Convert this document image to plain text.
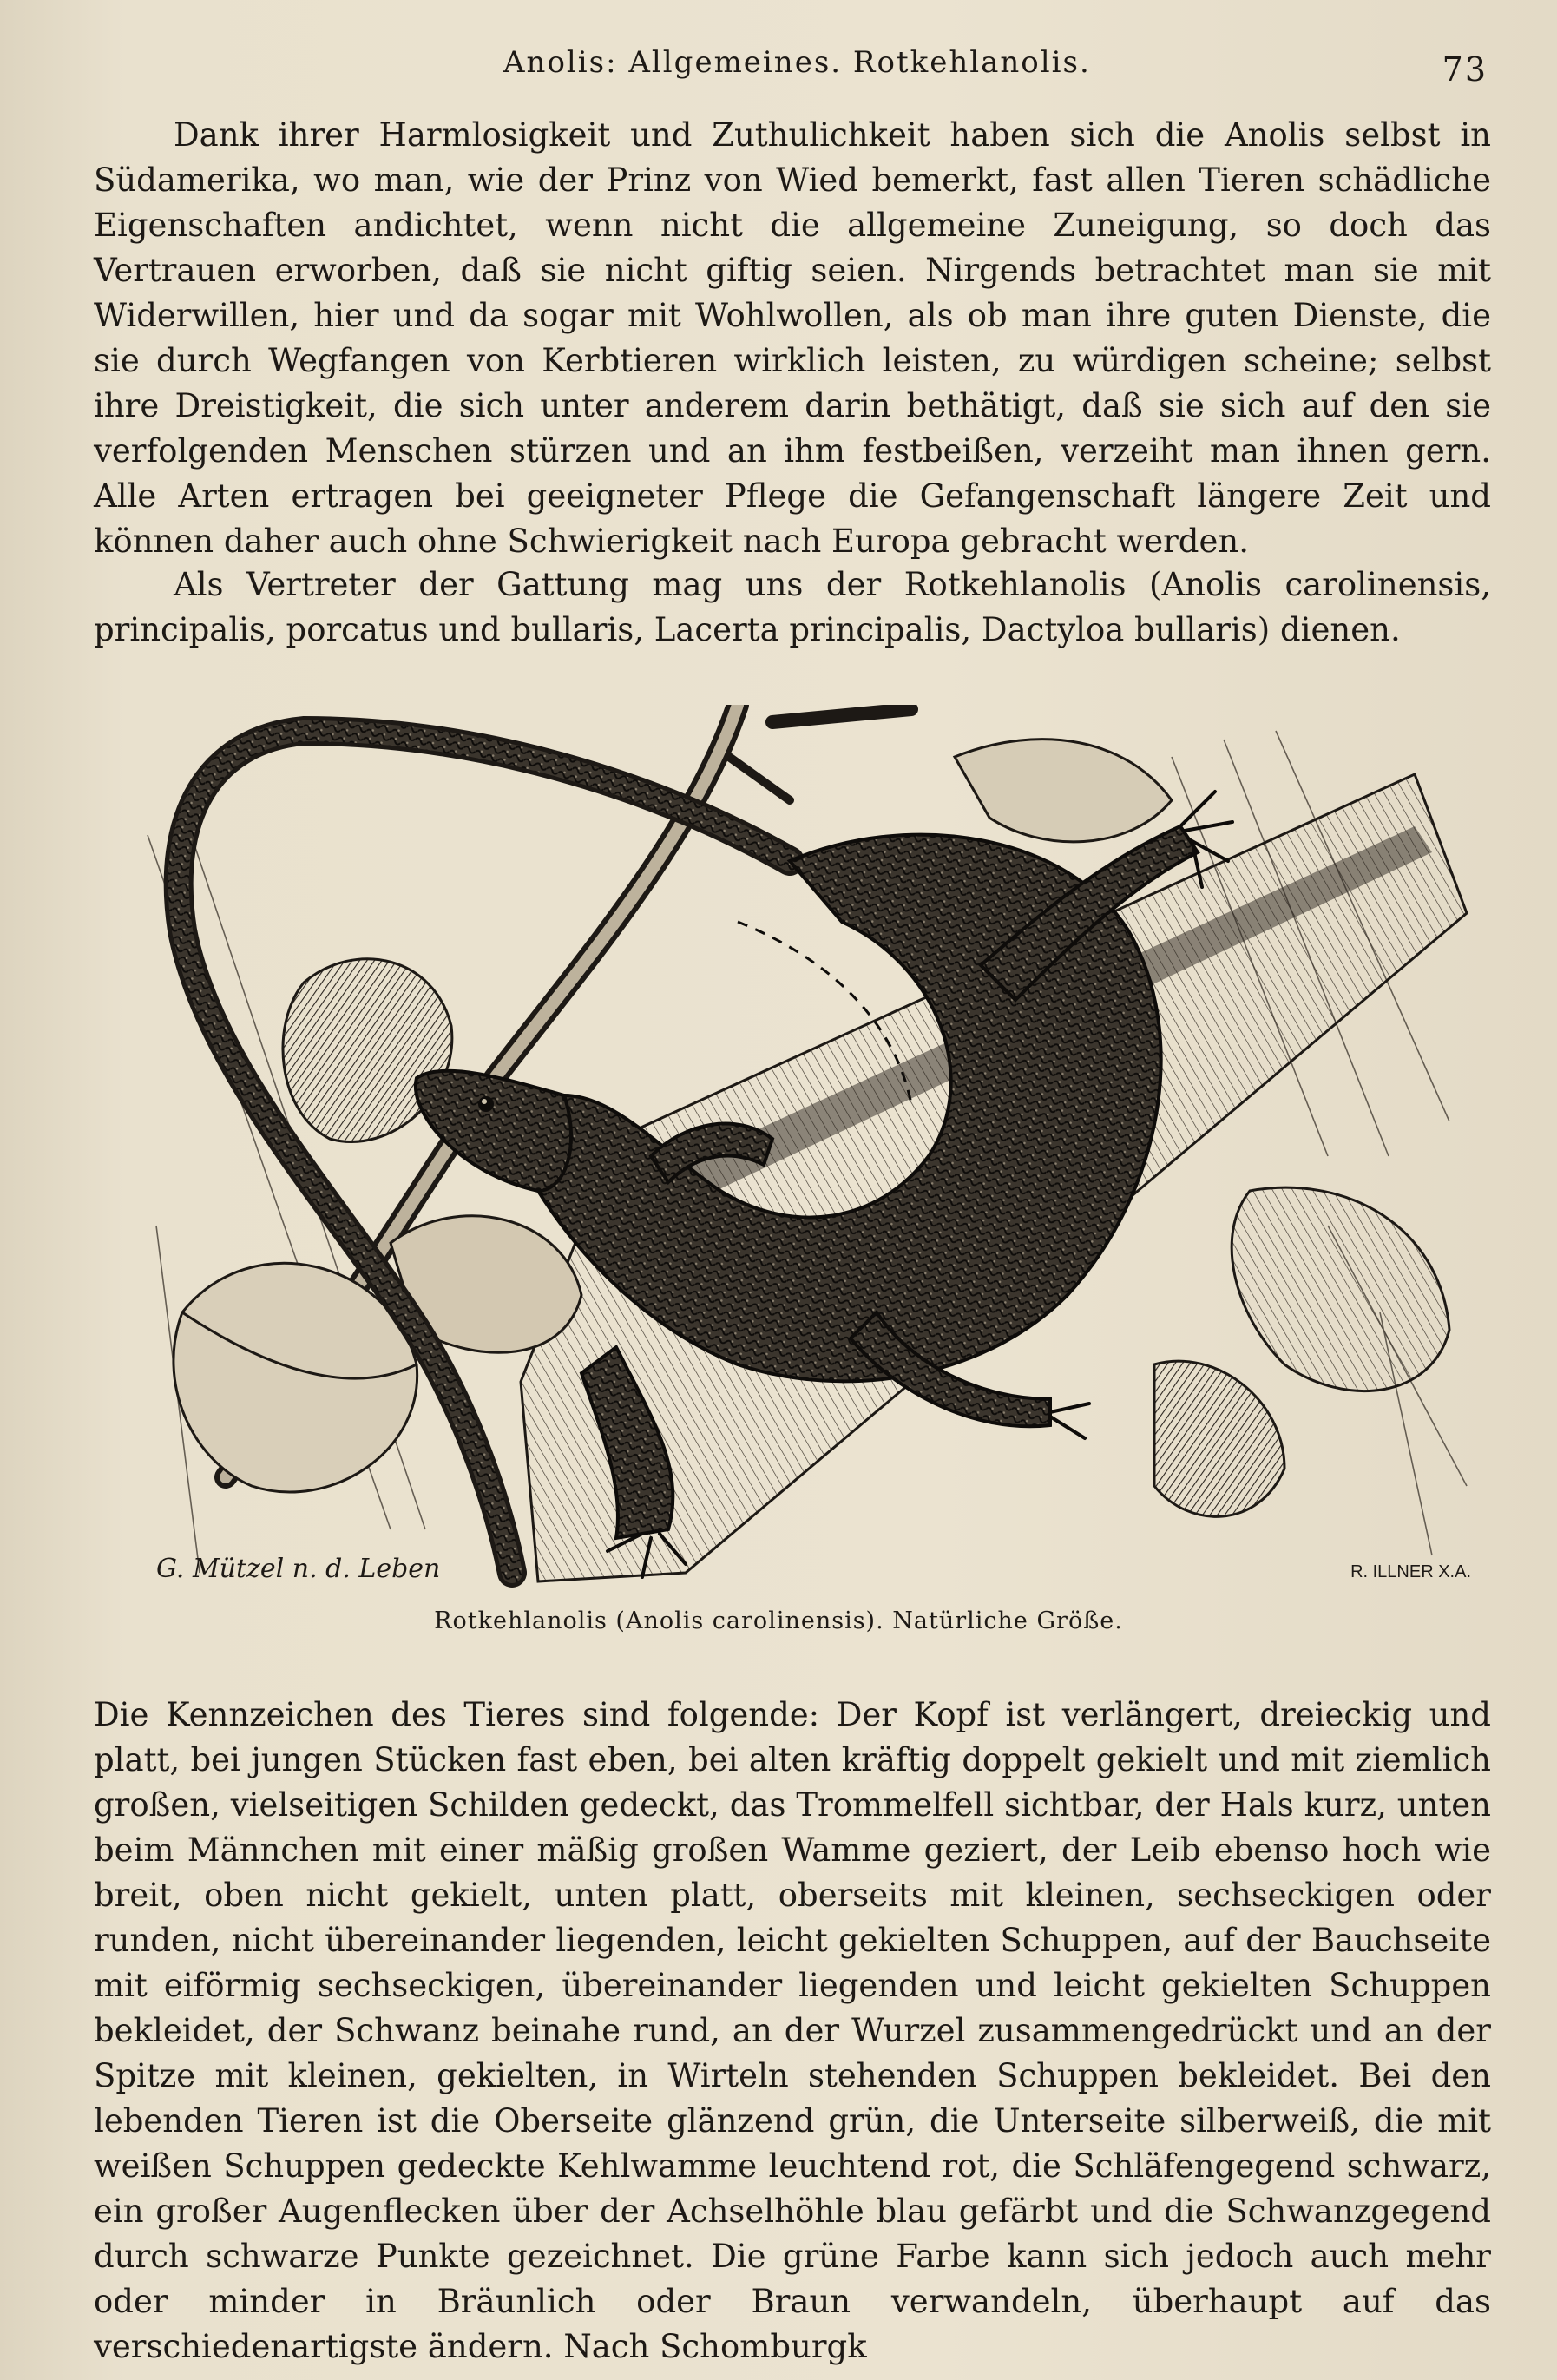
Anolis: Allgemeines. Rotkehlanolis.	73

Dank ihrer Harmlosigkeit und Zuthulichkeit haben sich die Anolis selbst in Südamerika, wo man, wie der Prinz von Wied bemerkt, fast allen Tieren schädliche Eigenschaften andichtet, wenn nicht die allgemeine Zuneigung, so doch das Vertrauen erworben, daß sie nicht giftig seien. Nirgends betrachtet man sie mit Widerwillen, hier und da sogar mit Wohlwollen, als ob man ihre guten Dienste, die sie durch Wegfangen von Kerbtieren wirklich leisten, zu würdigen scheine; selbst ihre Dreistigkeit, die sich unter anderem darin bethätigt, daß sie sich auf den sie verfolgenden Menschen stürzen und an ihm festbeißen, verzeiht man ihnen gern. Alle Arten ertragen bei geeigneter Pflege die Gefangenschaft längere Zeit und können daher auch ohne Schwierigkeit nach Europa gebracht werden.

Als Vertreter der Gattung mag uns der Rotkehlanolis (Anolis carolinensis, principalis, porcatus und bullaris, Lacerta principalis, Dactyloa bullaris) dienen.

G. Mützel n. d. Leben	R. ILLNER X.A.
Rotkehlanolis (Anolis carolinensis). Natürliche Größe.

Die Kennzeichen des Tieres sind folgende: Der Kopf ist verlängert, dreieckig und platt, bei jungen Stücken fast eben, bei alten kräftig doppelt gekielt und mit ziemlich großen, vielseitigen Schilden gedeckt, das Trommelfell sichtbar, der Hals kurz, unten beim Männchen mit einer mäßig großen Wamme geziert, der Leib ebenso hoch wie breit, oben nicht gekielt, unten platt, oberseits mit kleinen, sechseckigen oder runden, nicht übereinander liegenden, leicht gekielten Schuppen, auf der Bauchseite mit eiförmig sechseckigen, übereinander liegenden und leicht gekielten Schuppen bekleidet, der Schwanz beinahe rund, an der Wurzel zusammengedrückt und an der Spitze mit kleinen, gekielten, in Wirteln stehenden Schuppen bekleidet. Bei den lebenden Tieren ist die Oberseite glänzend grün, die Unterseite silberweiß, die mit weißen Schuppen gedeckte Kehlwamme leuchtend rot, die Schläfengegend schwarz, ein großer Augenflecken über der Achselhöhle blau gefärbt und die Schwanzgegend durch schwarze Punkte gezeichnet. Die grüne Farbe kann sich jedoch auch mehr oder minder in Bräunlich oder Braun verwandeln, überhaupt auf das verschiedenartigste ändern. Nach Schomburgk
